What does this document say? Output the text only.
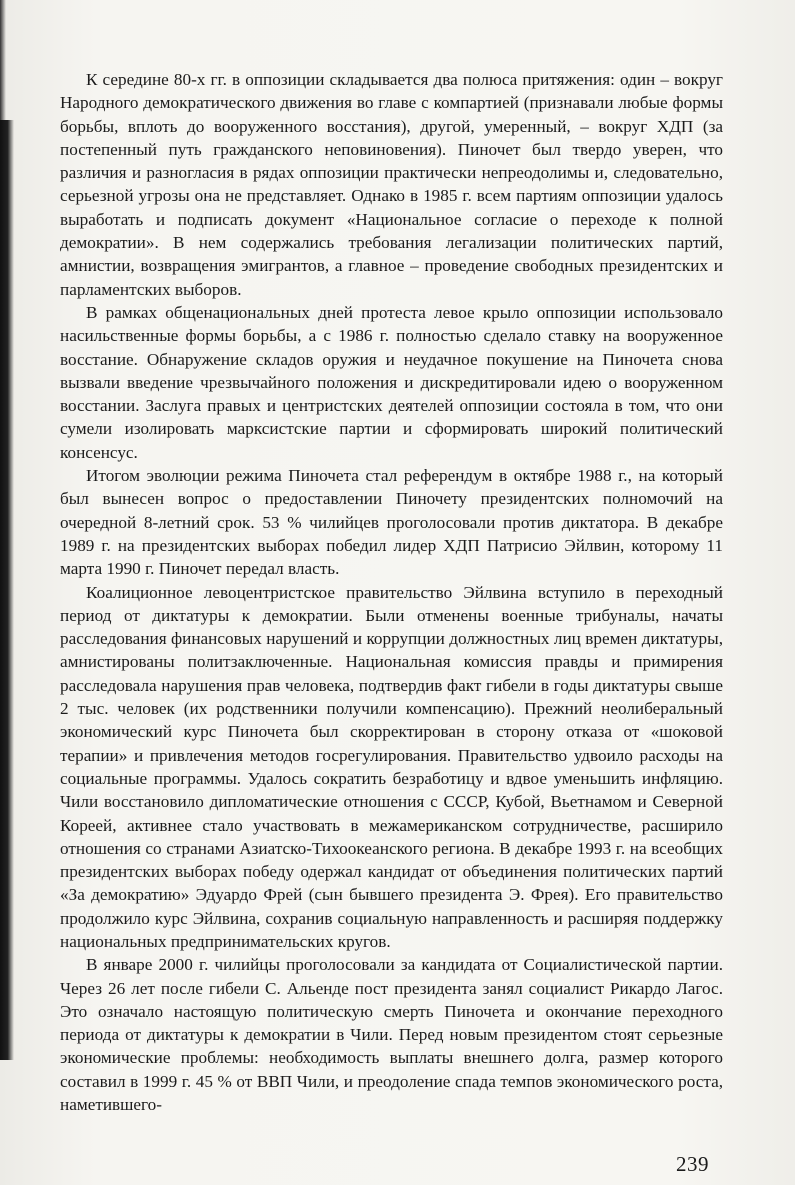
К середине 80-х гг. в оппозиции складывается два полюса притяжения: один – вокруг Народного демократического движения во главе с компартией (признавали любые формы борьбы, вплоть до вооруженного восстания), другой, умеренный, – вокруг ХДП (за постепенный путь гражданского неповиновения). Пиночет был твердо уверен, что различия и разногласия в рядах оппозиции практически непреодолимы и, следовательно, серьезной угрозы она не представляет. Однако в 1985 г. всем партиям оппозиции удалось выработать и подписать документ «Национальное согласие о переходе к полной демократии». В нем содержались требования легализации политических партий, амнистии, возвращения эмигрантов, а главное – проведение свободных президентских и парламентских выборов.

В рамках общенациональных дней протеста левое крыло оппозиции использовало насильственные формы борьбы, а с 1986 г. полностью сделало ставку на вооруженное восстание. Обнаружение складов оружия и неудачное покушение на Пиночета снова вызвали введение чрезвычайного положения и дискредитировали идею о вооруженном восстании. Заслуга правых и центристских деятелей оппозиции состояла в том, что они сумели изолировать марксистские партии и сформировать широкий политический консенсус.

Итогом эволюции режима Пиночета стал референдум в октябре 1988 г., на который был вынесен вопрос о предоставлении Пиночету президентских полномочий на очередной 8-летний срок. 53 % чилийцев проголосовали против диктатора. В декабре 1989 г. на президентских выборах победил лидер ХДП Патрисио Эйлвин, которому 11 марта 1990 г. Пиночет передал власть.

Коалиционное левоцентристское правительство Эйлвина вступило в переходный период от диктатуры к демократии. Были отменены военные трибуналы, начаты расследования финансовых нарушений и коррупции должностных лиц времен диктатуры, амнистированы политзаключенные. Национальная комиссия правды и примирения расследовала нарушения прав человека, подтвердив факт гибели в годы диктатуры свыше 2 тыс. человек (их родственники получили компенсацию). Прежний неолиберальный экономический курс Пиночета был скорректирован в сторону отказа от «шоковой терапии» и привлечения методов госрегулирования. Правительство удвоило расходы на социальные программы. Удалось сократить безработицу и вдвое уменьшить инфляцию. Чили восстановило дипломатические отношения с СССР, Кубой, Вьетнамом и Северной Кореей, активнее стало участвовать в межамериканском сотрудничестве, расширило отношения со странами Азиатско-Тихоокеанского региона. В декабре 1993 г. на всеобщих президентских выборах победу одержал кандидат от объединения политических партий «За демократию» Эдуардо Фрей (сын бывшего президента Э. Фрея). Его правительство продолжило курс Эйлвина, сохранив социальную направленность и расширяя поддержку национальных предпринимательских кругов.

В январе 2000 г. чилийцы проголосовали за кандидата от Социалистической партии. Через 26 лет после гибели С. Альенде пост президента занял социалист Рикардо Лагос. Это означало настоящую политическую смерть Пиночета и окончание переходного периода от диктатуры к демократии в Чили. Перед новым президентом стоят серьезные экономические проблемы: необходимость выплаты внешнего долга, размер которого составил в 1999 г. 45 % от ВВП Чили, и преодоление спада темпов экономического роста, наметившего-

239
